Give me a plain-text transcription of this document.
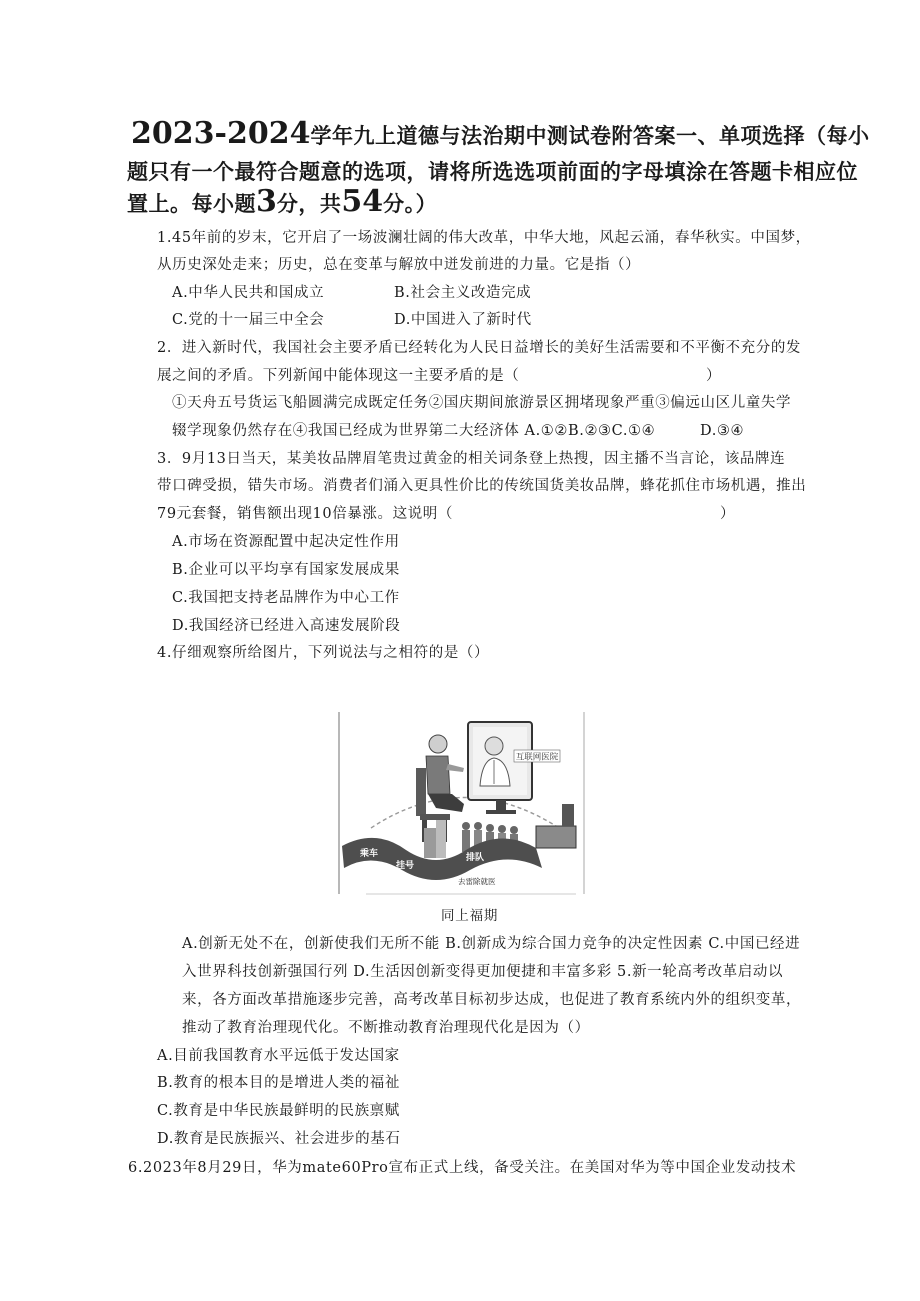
2023-2024学年九上道德与法治期中测试卷附答案一、单项选择（每小
题只有一个最符合题意的选项，请将所选选项前面的字母填涂在答题卡相应位
置上。每小题3分，共54分。）
1.45年前的岁末，它开启了一场波澜壮阔的伟大改革，中华大地，风起云涌，春华秋实。中国梦，
从历史深处走来；历史，总在变革与解放中迸发前进的力量。它是指（）
A.中华人民共和国成立	B.社会主义改造完成
C.党的十一届三中全会	D.中国进入了新时代
2．进入新时代，我国社会主要矛盾已经转化为人民日益增长的美好生活需要和不平衡不充分的发
展之间的矛盾。下列新闻中能体现这一主要矛盾的是（	）
①天舟五号货运飞船圆满完成既定任务②国庆期间旅游景区拥堵现象严重③偏远山区儿童失学
辍学现象仍然存在④我国已经成为世界第二大经济体 A.①②B.②③C.①④	D.③④
3．9月13日当天，某美妆品牌眉笔贵过黄金的相关词条登上热搜，因主播不当言论，该品牌连
带口碑受损，错失市场。消费者们涌入更具性价比的传统国货美妆品牌，蜂花抓住市场机遇，推出
79元套餐，销售额出现10倍暴涨。这说明（	）
A.市场在资源配置中起决定性作用
B.企业可以平均享有国家发展成果
C.我国把支持老品牌作为中心工作
D.我国经济已经进入高速发展阶段
4.仔细观察所给图片，下列说法与之相符的是（）
互联网医院
乘车
挂号
排队
去雷除就医
同上福期
A.创新无处不在，创新使我们无所不能 B.创新成为综合国力竞争的决定性因素 C.中国已经进
入世界科技创新强国行列 D.生活因创新变得更加便捷和丰富多彩 5.新一轮高考改革启动以
来，各方面改革措施逐步完善，高考改革目标初步达成，也促进了教育系统内外的组织变革，
推动了教育治理现代化。不断推动教育治理现代化是因为（）
A.目前我国教育水平远低于发达国家
B.教育的根本目的是增进人类的福祉
C.教育是中华民族最鲜明的民族禀赋
D.教育是民族振兴、社会进步的基石
6.2023年8月29日，华为mate60Pro宣布正式上线，备受关注。在美国对华为等中国企业发动技术
